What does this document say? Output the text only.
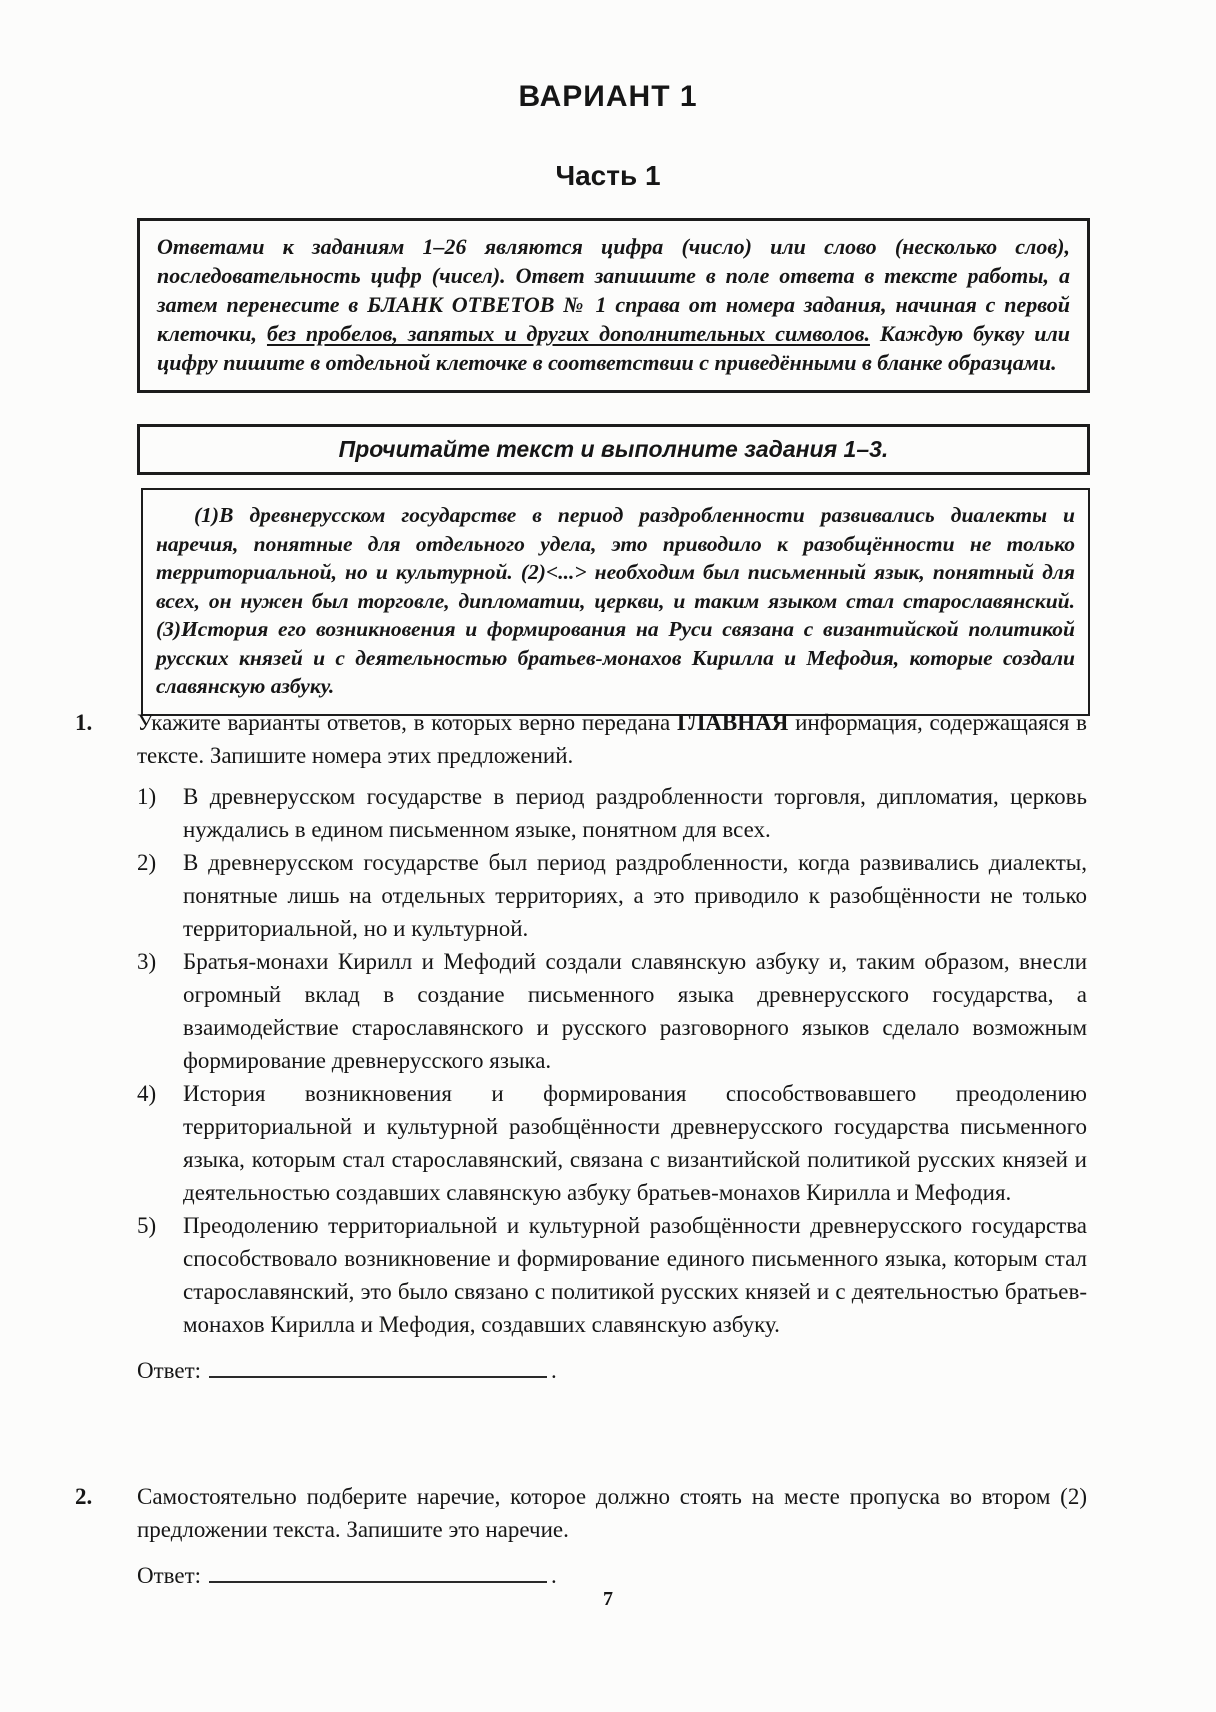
ВАРИАНТ 1
Часть 1
Ответами к заданиям 1–26 являются цифра (число) или слово (несколько слов), последовательность цифр (чисел). Ответ запишите в поле ответа в тексте работы, а затем перенесите в БЛАНК ОТВЕТОВ № 1 справа от номера задания, начиная с первой клеточки, без пробелов, запятых и других дополнительных символов. Каждую букву или цифру пишите в отдельной клеточке в соответствии с приведёнными в бланке образцами.
Прочитайте текст и выполните задания 1–3.
(1)В древнерусском государстве в период раздробленности развивались диалекты и наречия, понятные для отдельного удела, это приводило к разобщённости не только территориальной, но и культурной. (2)<...> необходим был письменный язык, понятный для всех, он нужен был торговле, дипломатии, церкви, и таким языком стал старославянский. (3)История его возникновения и формирования на Руси связана с византийской политикой русских князей и с деятельностью братьев-монахов Кирилла и Мефодия, которые создали славянскую азбуку.
1.	Укажите варианты ответов, в которых верно передана ГЛАВНАЯ информация, содержащаяся в тексте. Запишите номера этих предложений.

1)	В древнерусском государстве в период раздробленности торговля, дипломатия, церковь нуждались в едином письменном языке, понятном для всех.
2)	В древнерусском государстве был период раздробленности, когда развивались диалекты, понятные лишь на отдельных территориях, а это приводило к разобщённости не только территориальной, но и культурной.
3)	Братья-монахи Кирилл и Мефодий создали славянскую азбуку и, таким образом, внесли огромный вклад в создание письменного языка древнерусского государства, а взаимодействие старославянского и русского разговорного языков сделало возможным формирование древнерусского языка.
4)	История возникновения и формирования способствовавшего преодолению территориальной и культурной разобщённости древнерусского государства письменного языка, которым стал старославянский, связана с византийской политикой русских князей и деятельностью создавших славянскую азбуку братьев-монахов Кирилла и Мефодия.
5)	Преодолению территориальной и культурной разобщённости древнерусского государства способствовало возникновение и формирование единого письменного языка, которым стал старославянский, это было связано с политикой русских князей и с деятельностью братьев-монахов Кирилла и Мефодия, создавших славянскую азбуку.
Ответ:	.
2.	Самостоятельно подберите наречие, которое должно стоять на месте пропуска во втором (2) предложении текста. Запишите это наречие.

Ответ:	.
7
